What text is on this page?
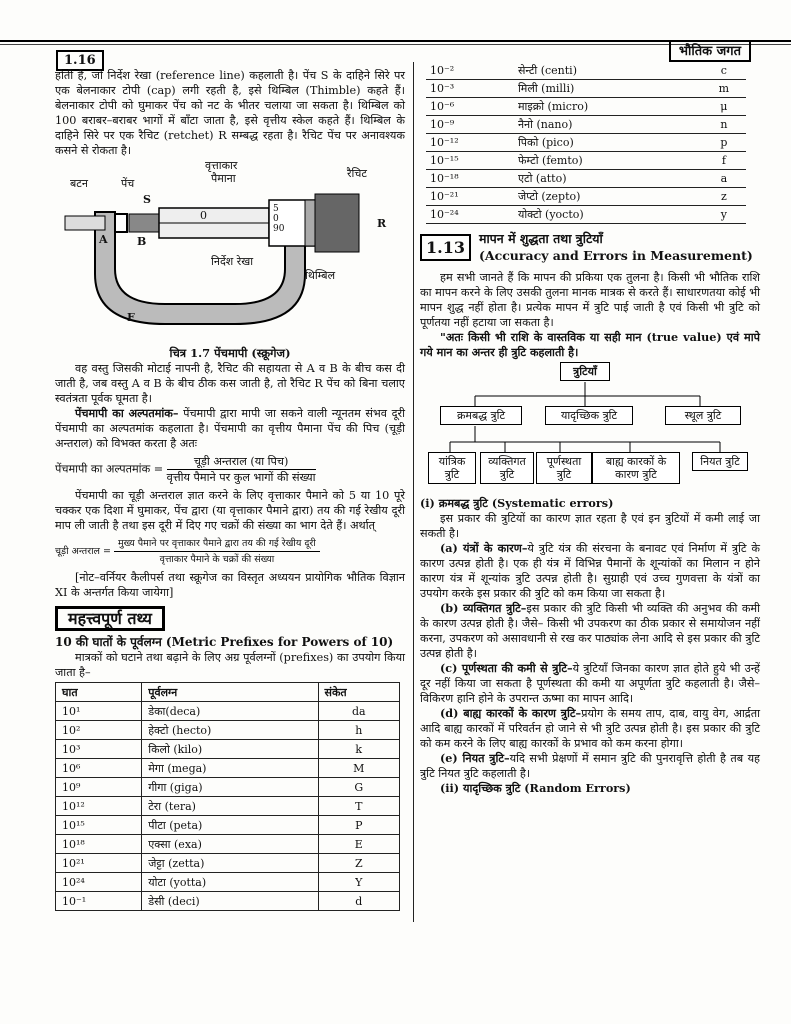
1.16
भौतिक जगत

होती है, जो निर्देश रेखा (reference line) कहलाती है। पेंच S के दाहिने सिरे पर एक बेलनाकार टोपी (cap) लगी रहती है, इसे थिम्बिल (Thimble) कहते हैं। बेलनाकार टोपी को घुमाकर पेंच को नट के भीतर चलाया जा सकता है। थिम्बिल को 100 बराबर–बराबर भागों में बाँटा जाता है, इसे वृत्तीय स्केल कहते हैं। थिम्बिल के दाहिने सिरे पर एक रैचिट (retchet) R सम्बद्ध रहता है। रैचिट पेंच पर अनावश्यक कसने से रोकता है।

वृत्ताकार
पैमाना
बटन	पेंच
S
रैचिट
A	B
0
R
5
0
90
निर्देश रेखा
थिम्बिल
F
चित्र 1.7 पेंचमापी (स्क्रूगेज)

वह वस्तु जिसकी मोटाई नापनी है, रैचिट की सहायता से A व B के बीच कस दी जाती है, जब वस्तु A व B के बीच ठीक कस जाती है, तो रैचिट R पेंच को बिना चलाए स्वतंत्रता पूर्वक घूमता है।

पेंचमापी का अल्पतमांक– पेंचमापी द्वारा मापी जा सकने वाली न्यूनतम संभव दूरी पेंचमापी का अल्पतमांक कहलाता है। पेंचमापी का वृत्तीय पैमाना पेंच की पिच (चूड़ी अन्तराल) को विभक्त करता है अतः

पेंचमापी का अल्पतमांक = $\frac{\text{चूड़ी अन्तराल (या पिच)}}{\text{वृत्तीय पैमाने पर कुल भागों की संख्या}}$

पेंचमापी का चूड़ी अन्तराल ज्ञात करने के लिए वृत्ताकार पैमाने को 5 या 10 पूरे चक्कर एक दिशा में घुमाकर, पेंच द्वारा (या वृत्ताकार पैमाने द्वारा) तय की गई रेखीय दूरी माप ली जाती है तथा इस दूरी में दिए गए चक्रों की संख्या का भाग देते हैं। अर्थात्

चूड़ी अन्तराल = $\frac{\text{मुख्य पैमाने पर वृत्ताकार पैमाने द्वारा तय की गई रेखीय दूरी}}{\text{वृत्ताकार पैमाने के चक्रों की संख्या}}$

[नोट–वर्नियर कैलीपर्स तथा स्क्रूगेज का विस्तृत अध्ययन प्रायोगिक भौतिक विज्ञान XI के अन्तर्गत किया जायेगा]

महत्त्वपूर्ण तथ्य
10 की घातों के पूर्वलग्न (Metric Prefixes for Powers of 10)

मात्रकों को घटाने तथा बढ़ाने के लिए अग्र पूर्वलग्नों (prefixes) का उपयोग किया जाता है–

घात	पूर्वलग्न	संकेत
10¹	डेका(deca)	da
10²	हेक्टो (hecto)	h
10³	किलो (kilo)	k
10⁶	मेगा (mega)	M
10⁹	गीगा (giga)	G
10¹²	टेरा (tera)	T
10¹⁵	पीटा (peta)	P
10¹⁸	एक्सा (exa)	E
10²¹	जेट्टा (zetta)	Z
10²⁴	योटा (yotta)	Y
10⁻¹	डेसी (deci)	d
10⁻²	सेन्टी (centi)	c
10⁻³	मिली (milli)	m
10⁻⁶	माइक्रो (micro)	μ
10⁻⁹	नैनो (nano)	n
10⁻¹²	पिको (pico)	p
10⁻¹⁵	फेम्टो (femto)	f
10⁻¹⁸	एटो (atto)	a
10⁻²¹	जेप्टो (zepto)	z
10⁻²⁴	योक्टो (yocto)	y
1.13	मापन में शुद्धता तथा त्रुटियाँ
(Accuracy and Errors in Measurement)

हम सभी जानते हैं कि मापन की प्रकिया एक तुलना है। किसी भी भौतिक राशि का मापन करने के लिए उसकी तुलना मानक मात्रक से करते हैं। साधारणतया कोई भी मापन शुद्ध नहीं होता है। प्रत्येक मापन में त्रुटि पाई जाती है एवं किसी भी त्रुटि को पूर्णतया नहीं हटाया जा सकता है।

"अतः किसी भी राशि के वास्तविक या सही मान (true value) एवं मापे गये मान का अन्तर ही त्रुटि कहलाती है।

त्रुटियाँ
क्रमबद्ध त्रुटि	यादृच्छिक त्रुटि	स्थूल त्रुटि
यांत्रिक त्रुटि
व्यक्तिगत त्रुटि
पूर्णस्थता त्रुटि
बाह्य कारकों के कारण त्रुटि
नियत त्रुटि
(i) क्रमबद्ध त्रुटि (Systematic errors)

इस प्रकार की त्रुटियों का कारण ज्ञात रहता है एवं इन त्रुटियों में कमी लाई जा सकती है।

(a) यंत्रों के कारण–ये त्रुटि यंत्र की संरचना के बनावट एवं निर्माण में त्रुटि के कारण उत्पन्न होती है। एक ही यंत्र में विभिन्न पैमानों के शून्यांकों का मिलान न होने कारण यंत्र में शून्यांक त्रुटि उत्पन्न होती है। सुग्राही एवं उच्च गुणवत्ता के यंत्रों का उपयोग करके इस प्रकार की त्रुटि को कम किया जा सकता है।

(b) व्यक्तिगत त्रुटि–इस प्रकार की त्रुटि किसी भी व्यक्ति की अनुभव की कमी के कारण उत्पन्न होती है। जैसे– किसी भी उपकरण का ठीक प्रकार से समायोजन नहीं करना, उपकरण को असावधानी से रख कर पाठ्यांक लेना आदि से इस प्रकार की त्रुटि उत्पन्न होती है।

(c) पूर्णस्थता की कमी से त्रुटि–ये त्रुटियाँ जिनका कारण ज्ञात होते हुये भी उन्हें दूर नहीं किया जा सकता है पूर्णस्थता की कमी या अपूर्णता त्रुटि कहलाती है। जैसे–विकिरण हानि होने के उपरान्त ऊष्मा का मापन आदि।

(d) बाह्य कारकों के कारण त्रुटि–प्रयोग के समय ताप, दाब, वायु वेग, आर्द्रता आदि बाह्य कारकों में परिवर्तन हो जाने से भी त्रुटि उत्पन्न होती है। इस प्रकार की त्रुटि को कम करने के लिए बाह्य कारकों के प्रभाव को कम करना होगा।

(e) नियत त्रुटि–यदि सभी प्रेक्षणों में समान त्रुटि की पुनरावृत्ति होती है तब यह त्रुटि नियत त्रुटि कहलाती है।

(ii) यादृच्छिक त्रुटि (Random Errors)
